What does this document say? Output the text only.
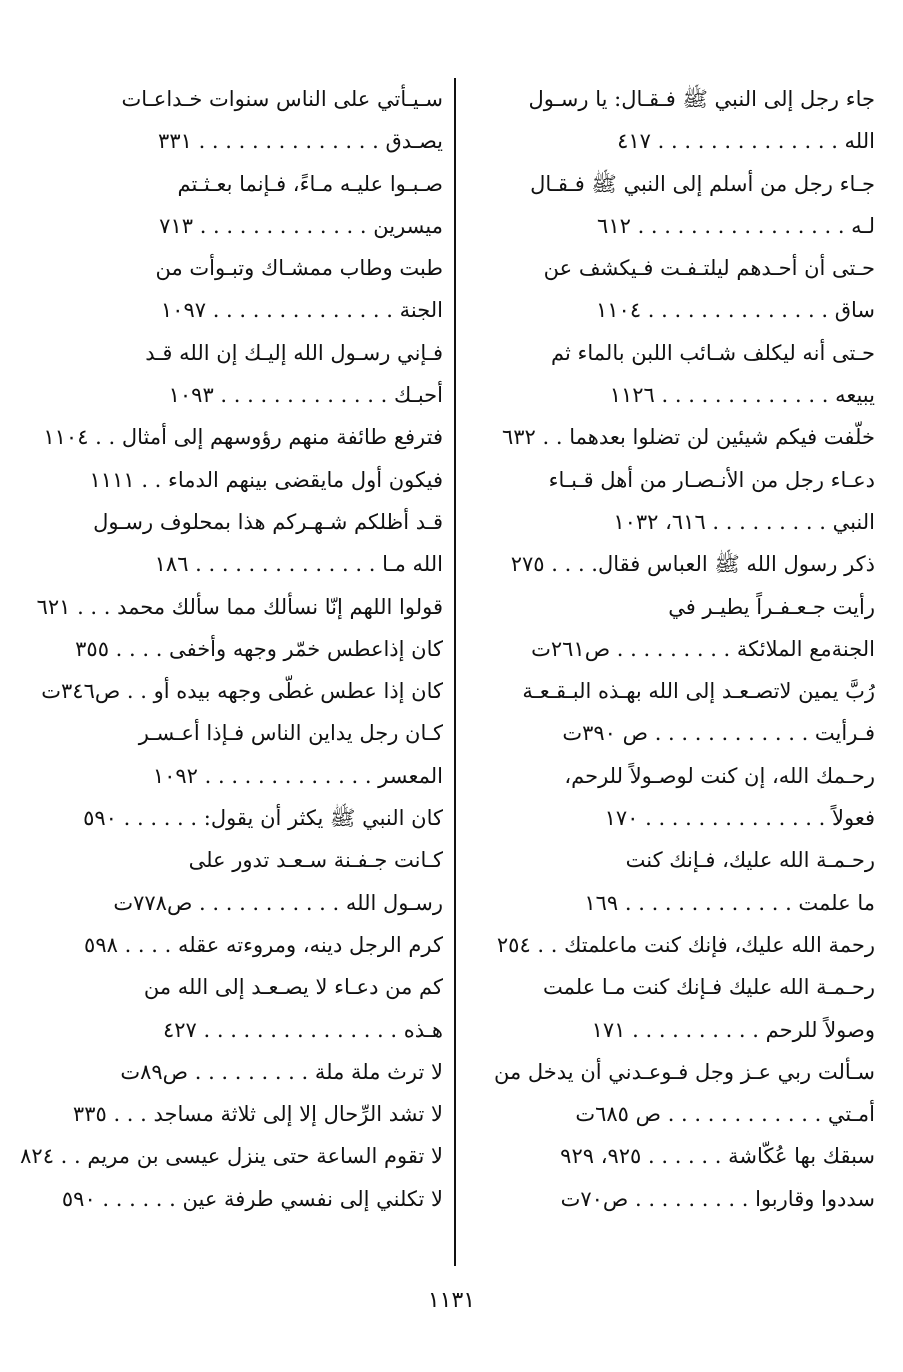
جاء رجل إلى النبي ﷺ فـقـال: يا رسـول
الله . . . . . . . . . . . . . . ٤١٧
جـاء رجل من أسلم إلى النبي ﷺ فـقـال
لـه . . . . . . . . . . . . . . . . ٦١٢
حـتى أن أحـدهم ليلتـفـت فـيكشف عن
ساق . . . . . . . . . . . . . . ١١٠٤
حـتى أنه ليكلف شـائب اللبن بالماء ثم
يبيعه . . . . . . . . . . . . . ١١٢٦
خلّفت فيكم شيئين لن تضلوا بعدهما . . ٦٣٢
دعـاء رجل من الأنـصـار من أهل قـبـاء
النبي . . . . . . . . . ٦١٦، ١٠٣٢
ذكر رسول الله ﷺ العباس فقال. . . . ٢٧٥
رأيت جـعـفـراً يطيـر في
الجنةمع الملائكة . . . . . . . . . ص٢٦١ت
رُبَّ يمين لاتصـعـد إلى الله بهـذه البـقـعـة
فـرأيت . . . . . . . . . . . . ص ٣٩٠ت
رحـمك الله، إن كنت لوصـولاً للرحم،
فعولاً . . . . . . . . . . . . . . ١٧٠
رحـمـة الله عليك، فـإنك كنت
ما علمت . . . . . . . . . . . . . ١٦٩
رحمة الله عليك، فإنك كنت ماعلمتك . . ٢٥٤
رحـمـة الله عليك فـإنك كنت مـا علمت
وصولاً للرحم . . . . . . . . . . ١٧١
سـألت ربي عـز وجل فـوعـدني أن يدخل من
أمـتي . . . . . . . . . . . . ص ٦٨٥ت
سبقك بها عُكّاشة . . . . . . ٩٢٥، ٩٢٩
سددوا وقاربوا . . . . . . . . . ص٧٠ت
سـيـأتي على الناس سنوات خـداعـات
يصـدق . . . . . . . . . . . . . . ٣٣١
صـبـوا عليـه مـاءً، فـإنما بعـثـتم
ميسرين . . . . . . . . . . . . . ٧١٣
طبت وطاب ممشـاك وتبـوأت من
الجنة . . . . . . . . . . . . . . ١٠٩٧
فـإني رسـول الله إليـك إن الله قـد
أحبـك . . . . . . . . . . . . . ١٠٩٣
فترفع طائفة منهم رؤوسهم إلى أمثال . . ١١٠٤
فيكون أول مايقضى بينهم الدماء . . ١١١١
قـد أظلكم شـهـركم هذا بمحلوف رسـول
الله مـا . . . . . . . . . . . . . . ١٨٦
قولوا اللهم إنّا نسألك مما سألك محمد . . . ٦٢١
كان إذاعطس خمّر وجهه وأخفى . . . . ٣٥٥
كان إذا عطس غطّى وجهه بيده أو . . ص٣٤٦ت
كـان رجل يداين الناس فـإذا أعـسـر
المعسر . . . . . . . . . . . . . ١٠٩٢
كان النبي ﷺ يكثر أن يقول: . . . . . . ٥٩٠
كـانت جـفـنة سـعـد تدور على
رسـول الله . . . . . . . . . . . ص٧٧٨ت
كرم الرجل دينه، ومروءته عقله . . . . ٥٩٨
كم من دعـاء لا يصـعـد إلى الله من
هـذه . . . . . . . . . . . . . . . ٤٢٧
لا ترث ملة ملة . . . . . . . . . ص٨٩ت
لا تشد الرِّحال إلا إلى ثلاثة مساجد . . . ٣٣٥
لا تقوم الساعة حتى ينزل عيسى بن مريم . . ٨٢٤
لا تكلني إلى نفسي طرفة عين . . . . . . ٥٩٠
١١٣١
